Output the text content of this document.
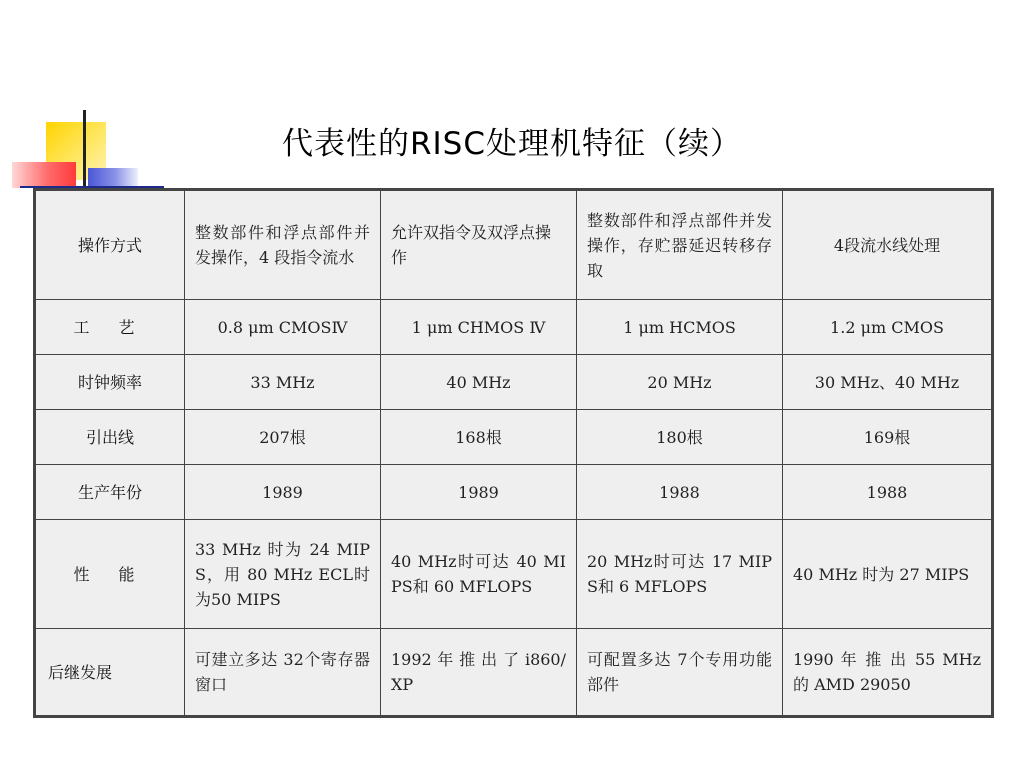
代表性的RISC处理机特征（续）
操作方式	整数部件和浮点部件并发操作，4 段指令流水	允许双指令及双浮点操作	整数部件和浮点部件并发操作，存贮器延迟转移存取	4段流水线处理
工 艺	0.8 μm CMOSⅣ	1 μm CHMOS Ⅳ	1 μm HCMOS	1.2 μm CMOS
时钟频率	33 MHz	40 MHz	20 MHz	30 MHz、40 MHz
引出线	207根	168根	180根	169根
生产年份	1989	1989	1988	1988
性 能	33 MHz 时为 24 MIPS，用 80 MHz ECL时为50 MIPS	40 MHz时可达 40 MIPS和 60 MFLOPS	20 MHz时可达 17 MIPS和 6 MFLOPS	40 MHz 时为 27 MIPS
后继发展	可建立多达 32个寄存器窗口	1992 年 推 出 了 i860/XP	可配置多达 7个专用功能部件	1990 年 推 出 55 MHz的 AMD 29050
